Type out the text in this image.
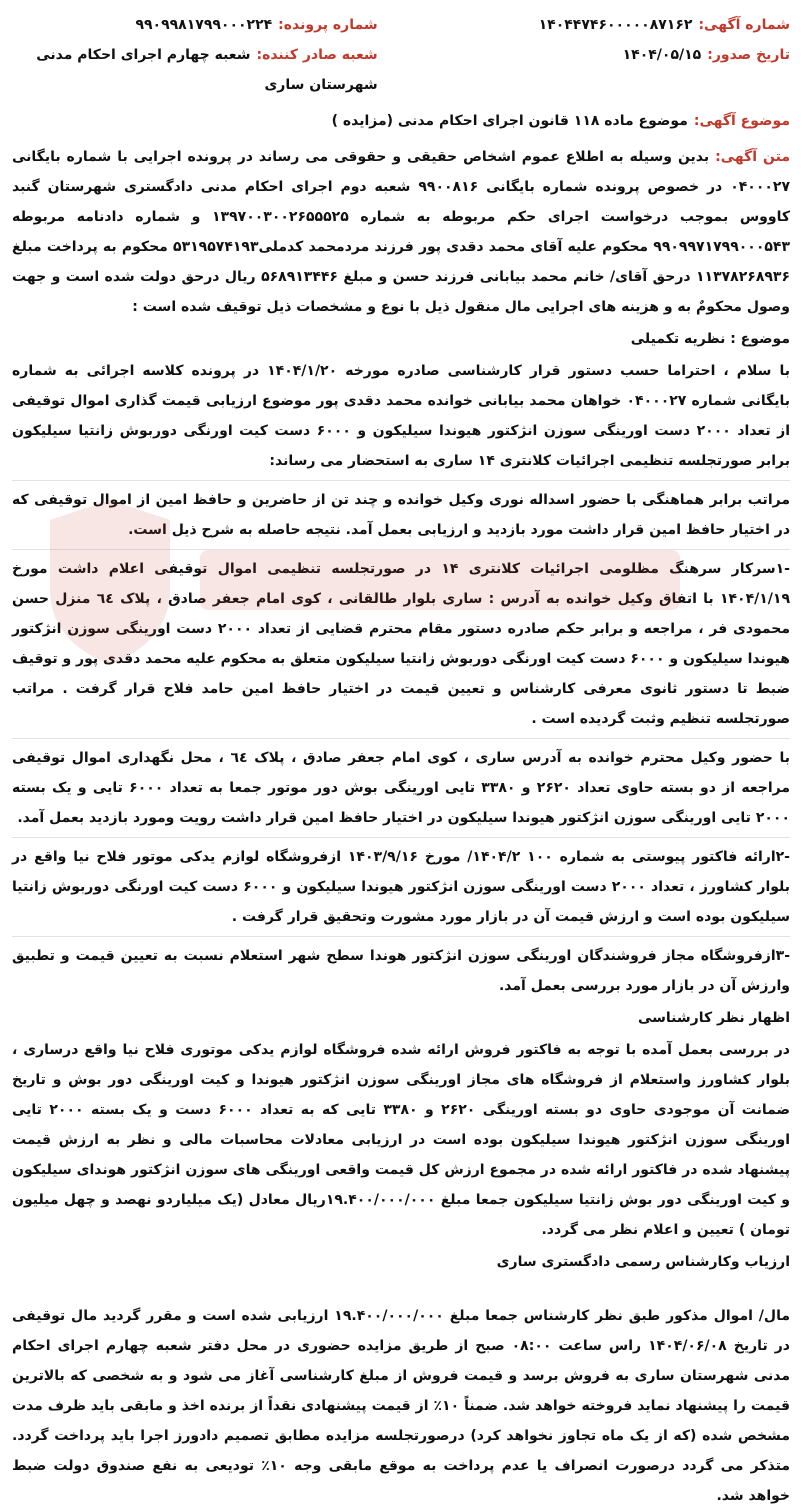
شماره آگهی:۱۴۰۴۴۷۴۶۰۰۰۰۰۸۷۱۶۲
شماره پرونده:۹۹۰۹۹۸۱۷۹۹۰۰۰۲۲۴
تاریخ صدور:۱۴۰۴/۰۵/۱۵
شعبه صادر کننده:شعبه چهارم اجرای احکام مدنی شهرستان ساری
موضوع آگهی:موضوع ماده ۱۱۸ قانون اجرای احکام مدنی (مزایده )

متن آگهی: بدین وسیله به اطلاع عموم اشخاص حقیقی و حقوقی می رساند در پرونده اجرایی با شماره بایگانی ۰۴۰۰۰۲۷ در خصوص پرونده شماره بایگانی ۹۹۰۰۸۱۶ شعبه دوم اجرای احکام مدنی دادگستری شهرستان گنبد کاووس بموجب درخواست اجرای حکم مربوطه به شماره ۱۳۹۷۰۰۳۰۰۲۶۵۵۵۲۵ و شماره دادنامه مربوطه ۹۹۰۹۹۷۱۷۹۹۰۰۰۵۴۳ محکوم علیه آقای محمد دقدی پور فرزند مردمحمد کدملی۵۳۱۹۵۷۴۱۹۳ محکوم به پرداخت مبلغ ۱۱۳۷۸۲۶۸۹۳۶ درحق آقای/ خانم محمد بیابانی فرزند حسن و مبلغ ۵۶۸۹۱۳۴۴۶ ریال درحق دولت شده است و جهت وصول محکومٌ به و هزینه های اجرایی مال منقول ذیل با نوع و مشخصات ذیل توقیف شده است :

موضوع : نظریه تکمیلی

با سلام ، احتراما حسب دستور قرار کارشناسی صادره مورخه ۱۴۰۴/۱/۲۰ در پرونده کلاسه اجرائی به شماره بایگانی شماره ۰۴۰۰۰۲۷ خواهان محمد بیابانی خوانده محمد دقدی پور موضوع ارزیابی قیمت گذاری اموال توقیفی از تعداد ۲۰۰۰ دست اورینگی سوزن انژکتور هیوندا سیلیکون و ۶۰۰۰ دست کیت اورنگی دوربوش زانتیا سیلیکون برابر صورتجلسه تنظیمی اجرائیات کلانتری ۱۴ ساری به استحضار می رساند:

مراتب برابر هماهنگی با حضور اسداله نوری وکیل خوانده و چند تن از حاضرین و حافظ امین از اموال توقیفی که در اختیار حافظ امین قرار داشت مورد بازدید و ارزیابی بعمل آمد. نتیجه حاصله به شرح ذیل است.

-۱سرکار سرهنگ مظلومی اجرائیات کلانتری ۱۴ در صورتجلسه تنظیمی اموال توقیفی اعلام داشت مورخ ۱۴۰۴/۱/۱۹ با اتفاق وکیل خوانده به آدرس : ساری بلوار طالقانی ، کوی امام جعفر صادق ، پلاک ٦٤ منزل حسن محمودی فر ، مراجعه و برابر حکم صادره دستور مقام محترم قضایی از تعداد ۲۰۰۰ دست اورینگی سوزن انژکتور هیوندا سیلیکون و ۶۰۰۰ دست کیت اورنگی دوربوش زانتیا سیلیکون متعلق به محکوم علیه محمد دقدی پور و توقیف ضبط تا دستور ثانوی معرفی کارشناس و تعیین قیمت در اختیار حافظ امین حامد فلاح قرار گرفت . مراتب صورتجلسه تنظیم وثبت گردیده است .

با حضور وکیل محترم خوانده به آدرس ساری ، کوی امام جعفر صادق ، پلاک ٦٤ ، محل نگهداری اموال توقیفی مراجعه از دو بسته حاوی تعداد ۲۶۲۰ و ۳۳۸۰ تایی اورینگی بوش دور موتور جمعا به تعداد ۶۰۰۰ تایی و یک بسته ۲۰۰۰ تایی اورینگی سوزن انژکتور هیوندا سیلیکون در اختیار حافظ امین قرار داشت رویت ومورد بازدید بعمل آمد.

-۲ارائه فاکتور پیوستی به شماره ۱۰۰ ۱۴۰۴/۲/ مورخ ۱۴۰۳/۹/۱۶ ازفروشگاه لوازم یدکی موتور فلاح نیا واقع در بلوار کشاورز ، تعداد ۲۰۰۰ دست اورینگی سوزن انژکتور هیوندا سیلیکون و ۶۰۰۰ دست کیت اورنگی دوربوش زانتیا سیلیکون بوده است و ارزش قیمت آن در بازار مورد مشورت وتحقیق قرار گرفت .

-۳ازفروشگاه مجاز فروشندگان اورینگی سوزن انژکتور هوندا سطح شهر استعلام نسبت به تعیین قیمت و تطبیق وارزش آن در بازار مورد بررسی بعمل آمد.

اظهار نظر کارشناسی

در بررسی بعمل آمده با توجه به فاکتور فروش ارائه شده فروشگاه لوازم یدکی موتوری فلاح نیا واقع درساری ، بلوار کشاورز واستعلام از فروشگاه های مجاز اورینگی سوزن انژکتور هیوندا و کیت اورینگی دور بوش و تاریخ ضمانت آن موجودی حاوی دو بسته اورینگی ۲۶۲۰ و ۳۳۸۰ تایی که به تعداد ۶۰۰۰ دست و یک بسته ۲۰۰۰ تایی اورینگی سوزن انژکتور هیوندا سیلیکون بوده است در ارزیابی معادلات محاسبات مالی و نظر به ارزش قیمت پیشنهاد شده در فاکتور ارائه شده در مجموع ارزش کل قیمت واقعی اورینگی های سوزن انژکتور هوندای سیلیکون و کیت اورینگی دور بوش زانتیا سیلیکون جمعا مبلغ ۱۹.۴۰۰/۰۰۰/۰۰۰ریال معادل (یک میلیاردو نهصد و چهل میلیون تومان ) تعیین و اعلام نظر می گردد.

ارزیاب وکارشناس رسمی دادگستری ساری

مال/ اموال مذکور طبق نظر کارشناس جمعا مبلغ ۱۹.۴۰۰/۰۰۰/۰۰۰ ارزیابی شده است و مقرر گردید مال توقیفی در تاریخ ۱۴۰۴/۰۶/۰۸ راس ساعت ۰۸:۰۰ صبح از طریق مزایده حضوری در محل دفتر شعبه چهارم اجرای احکام مدنی شهرستان ساری به فروش برسد و قیمت فروش از مبلغ کارشناسی آغاز می شود و به شخصی که بالاترین قیمت را پیشنهاد نماید فروخته خواهد شد. ضمناً ۱۰٪ از قیمت پیشنهادی نقداً از برنده اخذ و مابقی باید ظرف مدت مشخص شده (که از یک ماه تجاوز نخواهد کرد) درصورتجلسه مزایده مطابق تصمیم دادورز اجرا باید پرداخت گردد. متذکر می گردد درصورت انصراف یا عدم پرداخت به موقع مابقی وجه ۱۰٪ تودیعی به نفع صندوق دولت ضبط خواهد شد.
